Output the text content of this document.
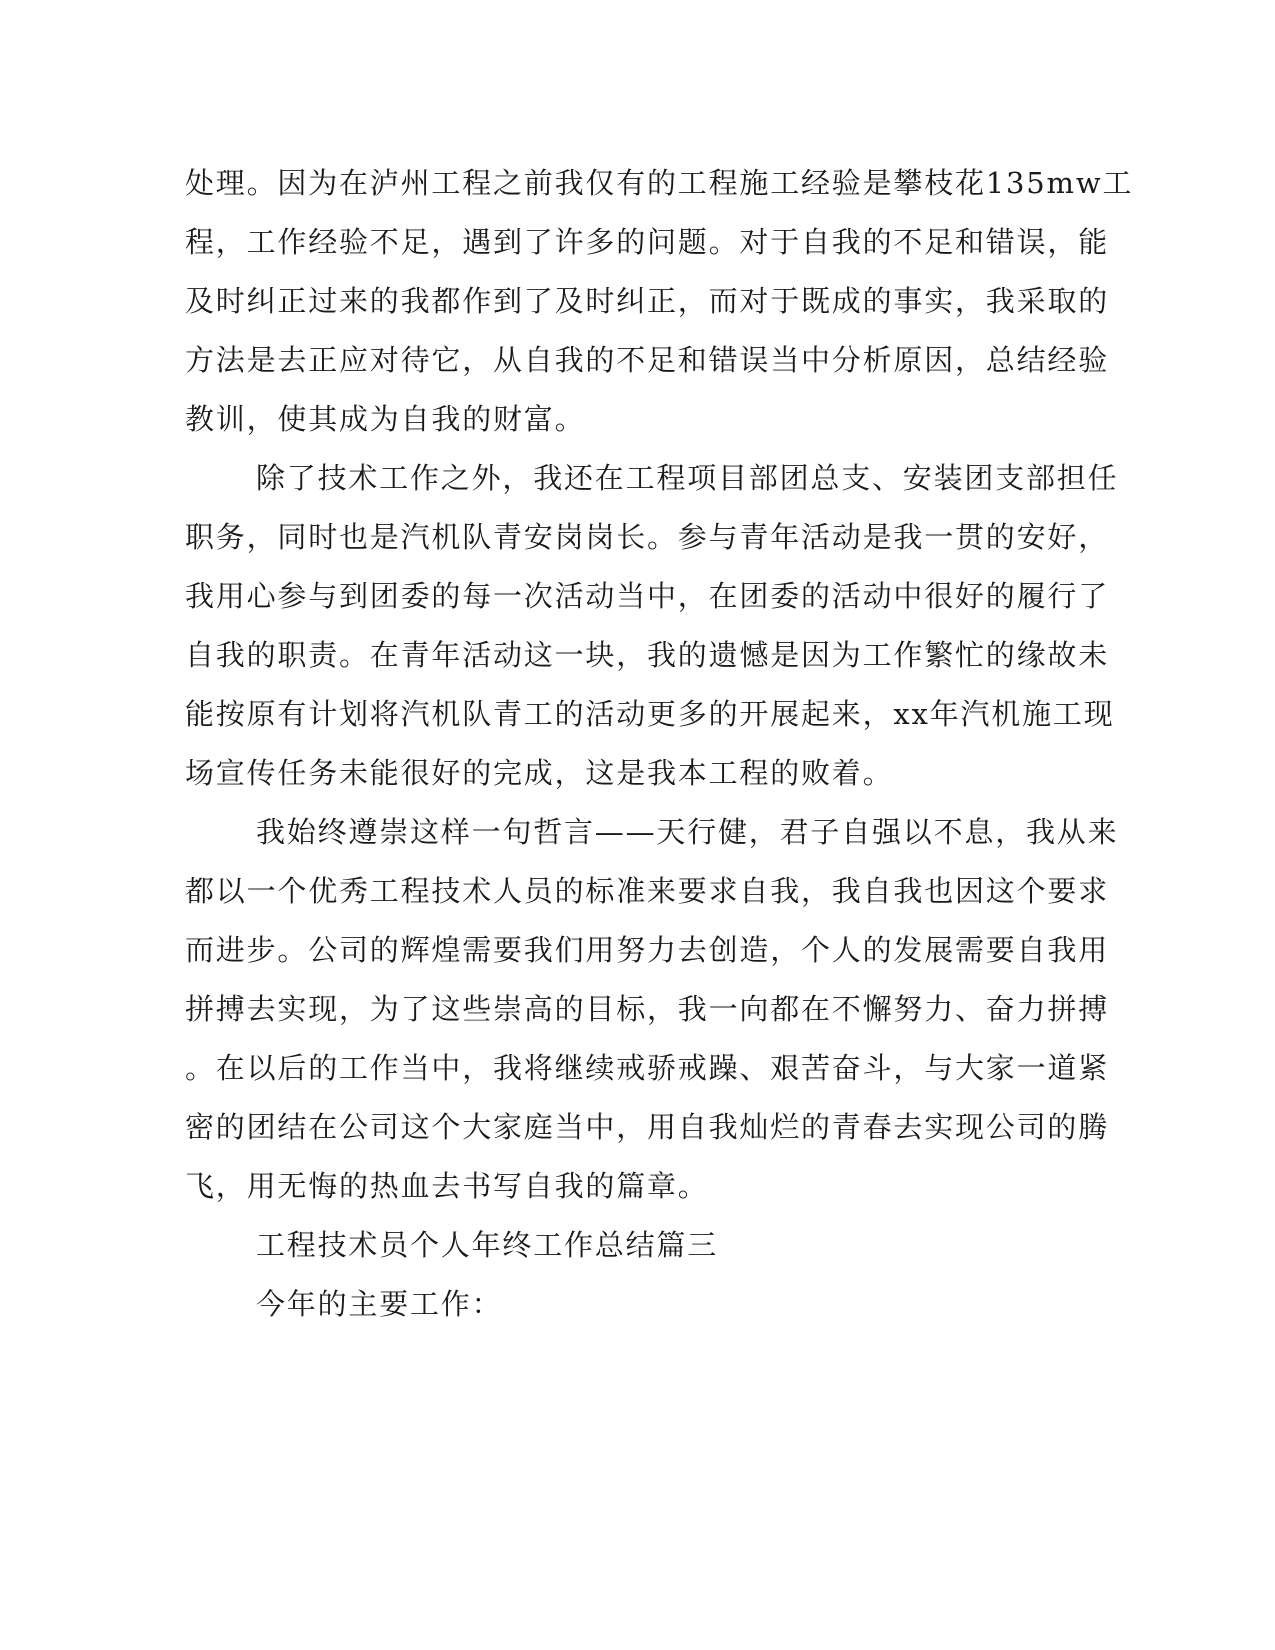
处理。因为在泸州工程之前我仅有的工程施工经验是攀枝花135mw工
程，工作经验不足，遇到了许多的问题。对于自我的不足和错误，能
及时纠正过来的我都作到了及时纠正，而对于既成的事实，我采取的
方法是去正应对待它，从自我的不足和错误当中分析原因，总结经验
教训，使其成为自我的财富。
除了技术工作之外，我还在工程项目部团总支、安装团支部担任
职务，同时也是汽机队青安岗岗长。参与青年活动是我一贯的安好，
我用心参与到团委的每一次活动当中，在团委的活动中很好的履行了
自我的职责。在青年活动这一块，我的遗憾是因为工作繁忙的缘故未
能按原有计划将汽机队青工的活动更多的开展起来，xx年汽机施工现
场宣传任务未能很好的完成，这是我本工程的败着。
我始终遵崇这样一句哲言——天行健，君子自强以不息，我从来
都以一个优秀工程技术人员的标准来要求自我，我自我也因这个要求
而进步。公司的辉煌需要我们用努力去创造，个人的发展需要自我用
拼搏去实现，为了这些崇高的目标，我一向都在不懈努力、奋力拼搏
。在以后的工作当中，我将继续戒骄戒躁、艰苦奋斗，与大家一道紧
密的团结在公司这个大家庭当中，用自我灿烂的青春去实现公司的腾
飞，用无悔的热血去书写自我的篇章。
工程技术员个人年终工作总结篇三
今年的主要工作：
